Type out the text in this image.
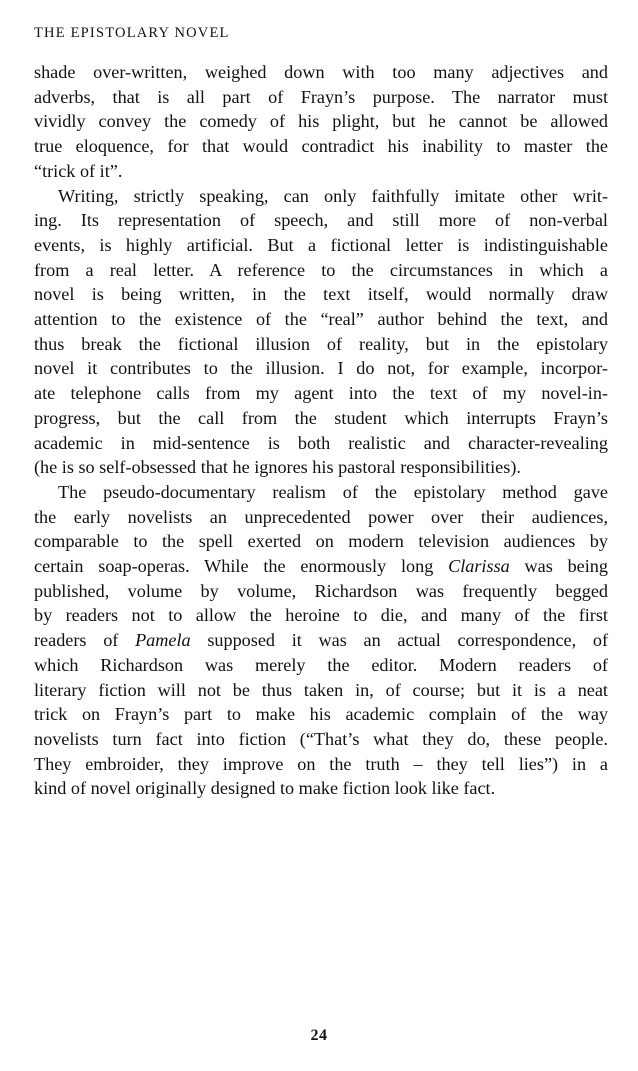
THE EPISTOLARY NOVEL
shade over-written, weighed down with too many adjectives and
adverbs, that is all part of Frayn’s purpose. The narrator must
vividly convey the comedy of his plight, but he cannot be allowed
true eloquence, for that would contradict his inability to master the
“trick of it”.
Writing, strictly speaking, can only faithfully imitate other writ-
ing. Its representation of speech, and still more of non-verbal
events, is highly artificial. But a fictional letter is indistinguishable
from a real letter. A reference to the circumstances in which a
novel is being written, in the text itself, would normally draw
attention to the existence of the “real” author behind the text, and
thus break the fictional illusion of reality, but in the epistolary
novel it contributes to the illusion. I do not, for example, incorpor-
ate telephone calls from my agent into the text of my novel-in-
progress, but the call from the student which interrupts Frayn’s
academic in mid-sentence is both realistic and character-revealing
(he is so self-obsessed that he ignores his pastoral responsibilities).
The pseudo-documentary realism of the epistolary method gave
the early novelists an unprecedented power over their audiences,
comparable to the spell exerted on modern television audiences by
certain soap-operas. While the enormously long Clarissa was being
published, volume by volume, Richardson was frequently begged
by readers not to allow the heroine to die, and many of the first
readers of Pamela supposed it was an actual correspondence, of
which Richardson was merely the editor. Modern readers of
literary fiction will not be thus taken in, of course; but it is a neat
trick on Frayn’s part to make his academic complain of the way
novelists turn fact into fiction (“That’s what they do, these people.
They embroider, they improve on the truth – they tell lies”) in a
kind of novel originally designed to make fiction look like fact.
24
